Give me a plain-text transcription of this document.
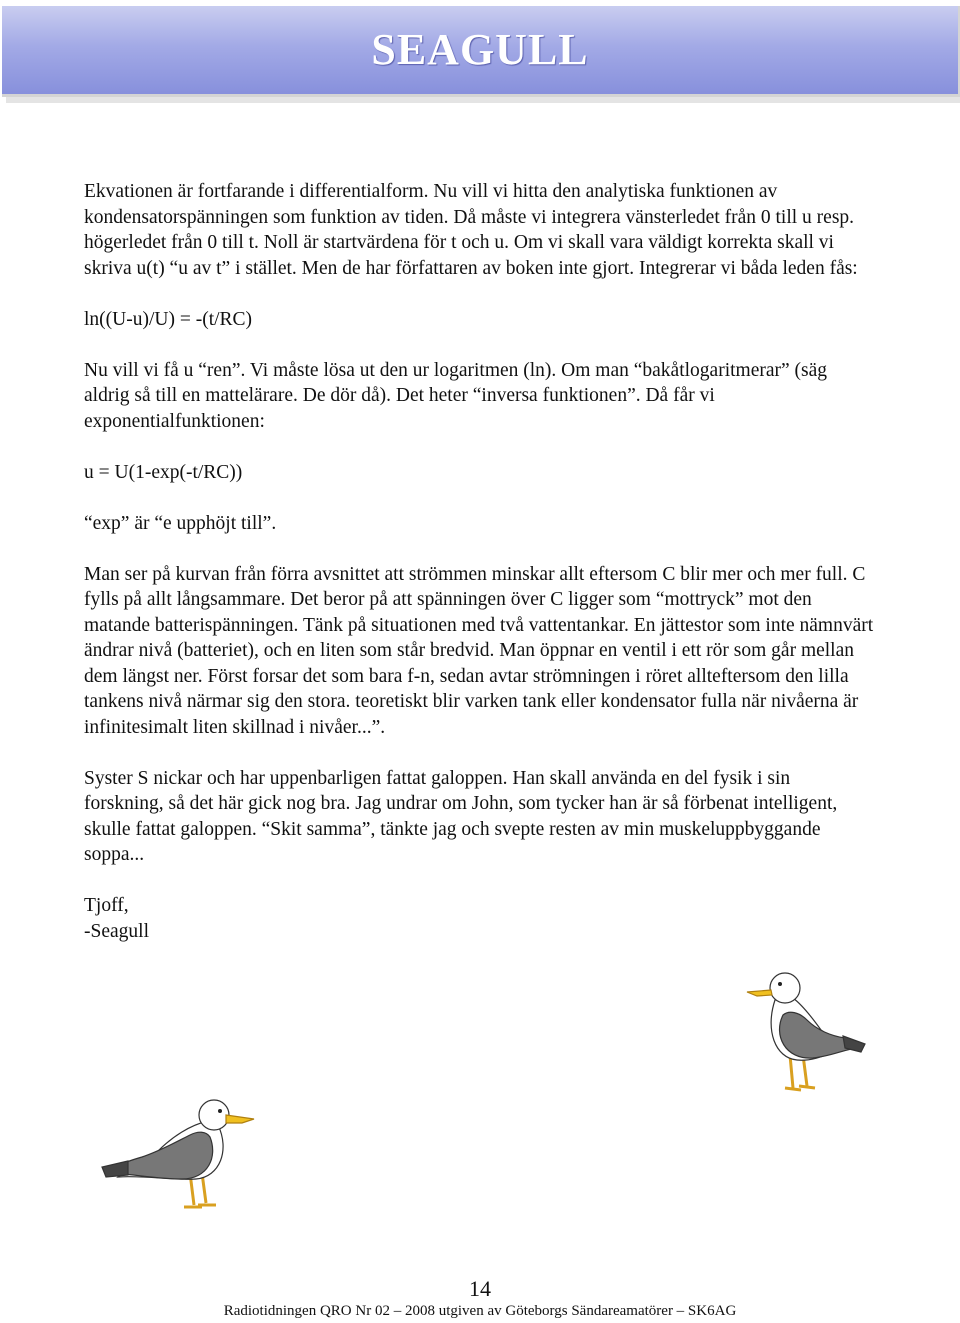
SEAGULL

Ekvationen är fortfarande i differentialform. Nu vill vi hitta den analytiska funktionen av kondensatorspänningen som funktion av tiden. Då måste vi integrera vänsterledet från 0 till u resp. högerledet från 0 till t. Noll är startvärdena för t och u. Om vi skall vara väldigt korrekta skall vi skriva u(t) “u av t” i stället. Men de har författaren av boken inte gjort. Integrerar vi båda leden fås:

ln((U-u)/U) = -(t/RC)

Nu vill vi få u “ren”. Vi måste lösa ut den ur logaritmen (ln). Om man “bakåtlogaritmerar” (säg aldrig så till en mattelärare. De dör då). Det heter “inversa funktionen”. Då får vi exponentialfunktionen:

u = U(1-exp(-t/RC))

“exp” är “e upphöjt till”.

Man ser på kurvan från förra avsnittet att strömmen minskar allt eftersom C blir mer och mer full. C fylls på allt långsammare. Det beror på att spänningen över C ligger som “mottryck” mot den matande batterispänningen. Tänk på situationen med två vattentankar. En jättestor som inte nämnvärt ändrar nivå (batteriet), och en liten som står bredvid. Man öppnar en ventil i ett rör som går mellan dem längst ner. Först forsar det som bara f-n, sedan avtar strömningen i röret allteftersom den lilla tankens nivå närmar sig den stora. teoretiskt blir varken tank eller kondensator fulla när nivåerna är infinitesimalt liten skillnad i nivåer...”.

Syster S nickar och har uppenbarligen fattat galoppen. Han skall använda en del fysik i sin forskning, så det här gick nog bra. Jag undrar om John, som tycker han är så förbenat intelligent, skulle fattat galoppen. “Skit samma”, tänkte jag och svepte resten av min muskeluppbyggande soppa...

Tjoff,

-Seagull

14
Radiotidningen QRO Nr 02 – 2008 utgiven av Göteborgs Sändareamatörer – SK6AG
